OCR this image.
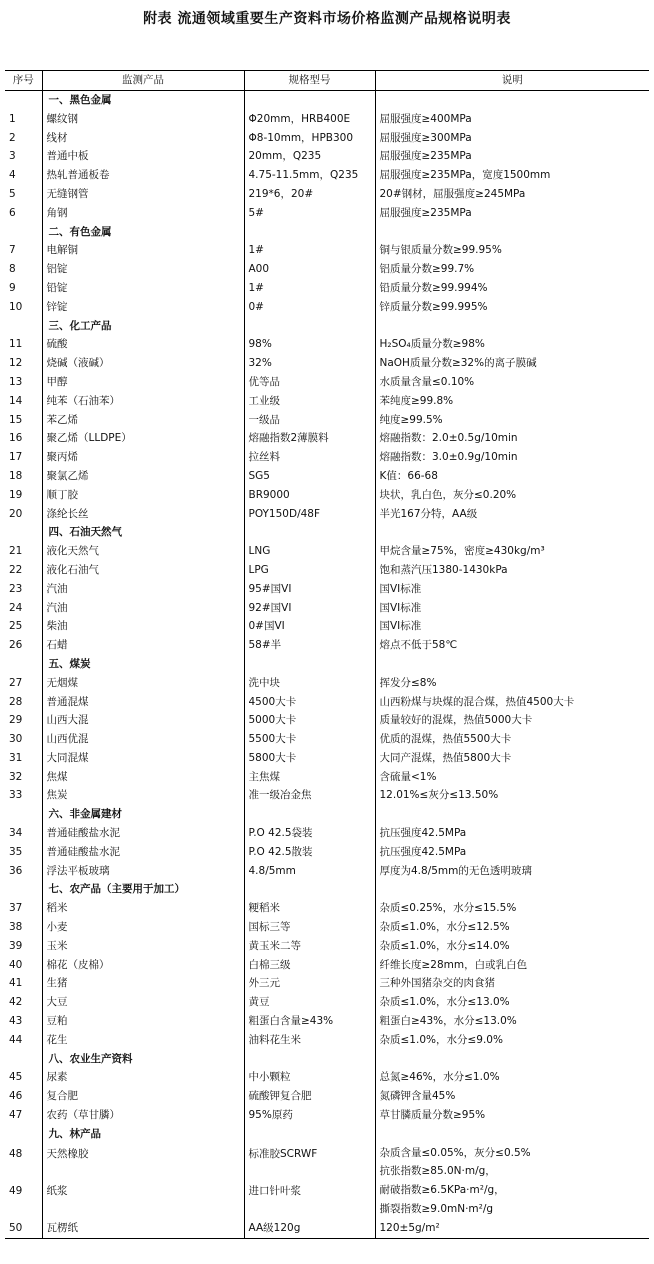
附表 流通领域重要生产资料市场价格监测产品规格说明表
序号	监测产品	规格型号	说明
	一、黑色金属		
1	螺纹钢	Φ20mm，HRB400E	屈服强度≥400MPa
2	线材	Φ8-10mm，HPB300	屈服强度≥300MPa
3	普通中板	20mm，Q235	屈服强度≥235MPa
4	热轧普通板卷	4.75-11.5mm，Q235	屈服强度≥235MPa，宽度1500mm
5	无缝钢管	219*6，20#	20#钢材，屈服强度≥245MPa
6	角钢	5#	屈服强度≥235MPa
	二、有色金属		
7	电解铜	1#	铜与银质量分数≥99.95%
8	铝锭	A00	铝质量分数≥99.7%
9	铅锭	1#	铅质量分数≥99.994%
10	锌锭	0#	锌质量分数≥99.995%
	三、化工产品		
11	硫酸	98%	H₂SO₄质量分数≥98%
12	烧碱（液碱）	32%	NaOH质量分数≥32%的离子膜碱
13	甲醇	优等品	水质量含量≤0.10%
14	纯苯（石油苯）	工业级	苯纯度≥99.8%
15	苯乙烯	一级品	纯度≥99.5%
16	聚乙烯（LLDPE）	熔融指数2薄膜料	熔融指数：2.0±0.5g/10min
17	聚丙烯	拉丝料	熔融指数：3.0±0.9g/10min
18	聚氯乙烯	SG5	K值：66-68
19	顺丁胶	BR9000	块状，乳白色，灰分≤0.20%
20	涤纶长丝	POY150D/48F	半光167分特，AA级
	四、石油天然气		
21	液化天然气	LNG	甲烷含量≥75%，密度≥430kg/m³
22	液化石油气	LPG	饱和蒸汽压1380-1430kPa
23	汽油	95#国VI	国VI标准
24	汽油	92#国VI	国VI标准
25	柴油	0#国VI	国VI标准
26	石蜡	58#半	熔点不低于58℃
	五、煤炭		
27	无烟煤	洗中块	挥发分≤8%
28	普通混煤	4500大卡	山西粉煤与块煤的混合煤，热值4500大卡
29	山西大混	5000大卡	质量较好的混煤，热值5000大卡
30	山西优混	5500大卡	优质的混煤，热值5500大卡
31	大同混煤	5800大卡	大同产混煤，热值5800大卡
32	焦煤	主焦煤	含硫量<1%
33	焦炭	准一级冶金焦	12.01%≤灰分≤13.50%
	六、非金属建材		
34	普通硅酸盐水泥	P.O 42.5袋装	抗压强度42.5MPa
35	普通硅酸盐水泥	P.O 42.5散装	抗压强度42.5MPa
36	浮法平板玻璃	4.8/5mm	厚度为4.8/5mm的无色透明玻璃
	七、农产品（主要用于加工）		
37	稻米	粳稻米	杂质≤0.25%，水分≤15.5%
38	小麦	国标三等	杂质≤1.0%，水分≤12.5%
39	玉米	黄玉米二等	杂质≤1.0%，水分≤14.0%
40	棉花（皮棉）	白棉三级	纤维长度≥28mm，白或乳白色
41	生猪	外三元	三种外国猪杂交的肉食猪
42	大豆	黄豆	杂质≤1.0%，水分≤13.0%
43	豆粕	粗蛋白含量≥43%	粗蛋白≥43%，水分≤13.0%
44	花生	油料花生米	杂质≤1.0%，水分≤9.0%
	八、农业生产资料		
45	尿素	中小颗粒	总氮≥46%，水分≤1.0%
46	复合肥	硫酸钾复合肥	氮磷钾含量45%
47	农药（草甘膦）	95%原药	草甘膦质量分数≥95%
	九、林产品		
48	天然橡胶	标准胶SCRWF	杂质含量≤0.05%，灰分≤0.5%
抗张指数≥85.0N·m/g，

49	纸浆	进口针叶浆	耐破指数≥6.5KPa·m²/g，
撕裂指数≥9.0mN·m²/g

50	瓦楞纸	AA级120g	120±5g/m²
